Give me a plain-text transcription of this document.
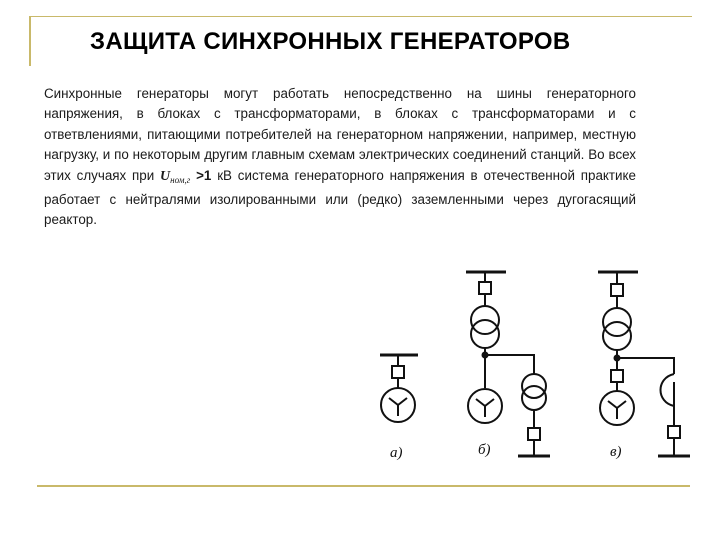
ЗАЩИТА СИНХРОННЫХ ГЕНЕРАТОРОВ
Синхронные генераторы могут работать непосредственно на шины генераторного напряжения, в блоках с трансформаторами, в блоках с трансформаторами и с ответвлениями, питающими потребителей на генераторном напряжении, например, местную нагрузку, и по некоторым другим главным схемам электрических соединений станций. Во всех этих случаях при $U_{ном,г} >1$ кВ система генераторного напряжения в отечественной практике работает с нейтралями изолированными или (редко) заземленными через дугогасящий реактор.
а)	б)	в)
